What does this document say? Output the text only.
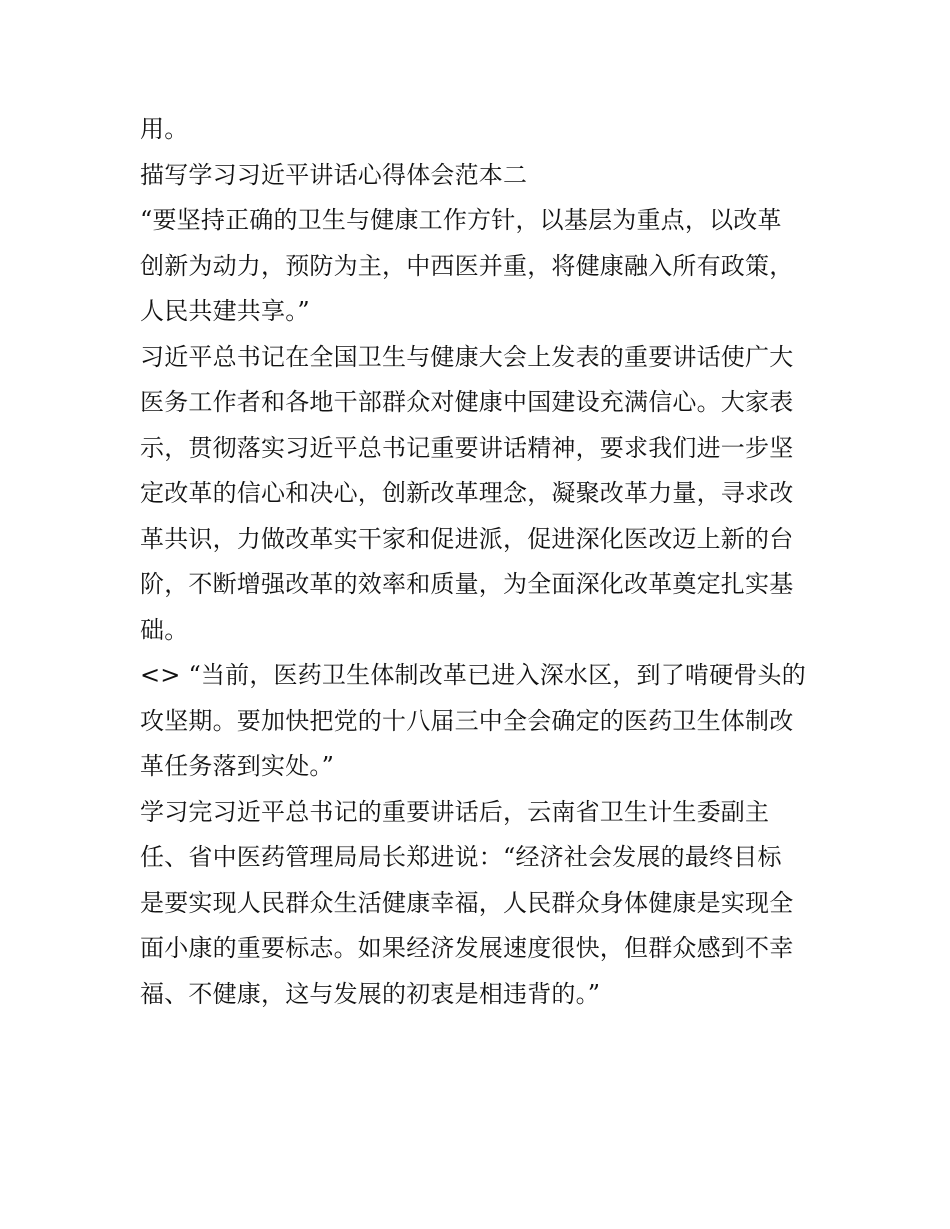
用。
描写学习习近平讲话心得体会范本二
“要坚持正确的卫生与健康工作方针，以基层为重点，以改革
创新为动力，预防为主，中西医并重，将健康融入所有政策，
人民共建共享。”
习近平总书记在全国卫生与健康大会上发表的重要讲话使广大
医务工作者和各地干部群众对健康中国建设充满信心。大家表
示，贯彻落实习近平总书记重要讲话精神，要求我们进一步坚
定改革的信心和决心，创新改革理念，凝聚改革力量，寻求改
革共识，力做改革实干家和促进派，促进深化医改迈上新的台
阶，不断增强改革的效率和质量，为全面深化改革奠定扎实基
础。
<> “当前，医药卫生体制改革已进入深水区，到了啃硬骨头的
攻坚期。要加快把党的十八届三中全会确定的医药卫生体制改
革任务落到实处。”
学习完习近平总书记的重要讲话后，云南省卫生计生委副主
任、省中医药管理局局长郑进说：“经济社会发展的最终目标
是要实现人民群众生活健康幸福，人民群众身体健康是实现全
面小康的重要标志。如果经济发展速度很快，但群众感到不幸
福、不健康，这与发展的初衷是相违背的。”
